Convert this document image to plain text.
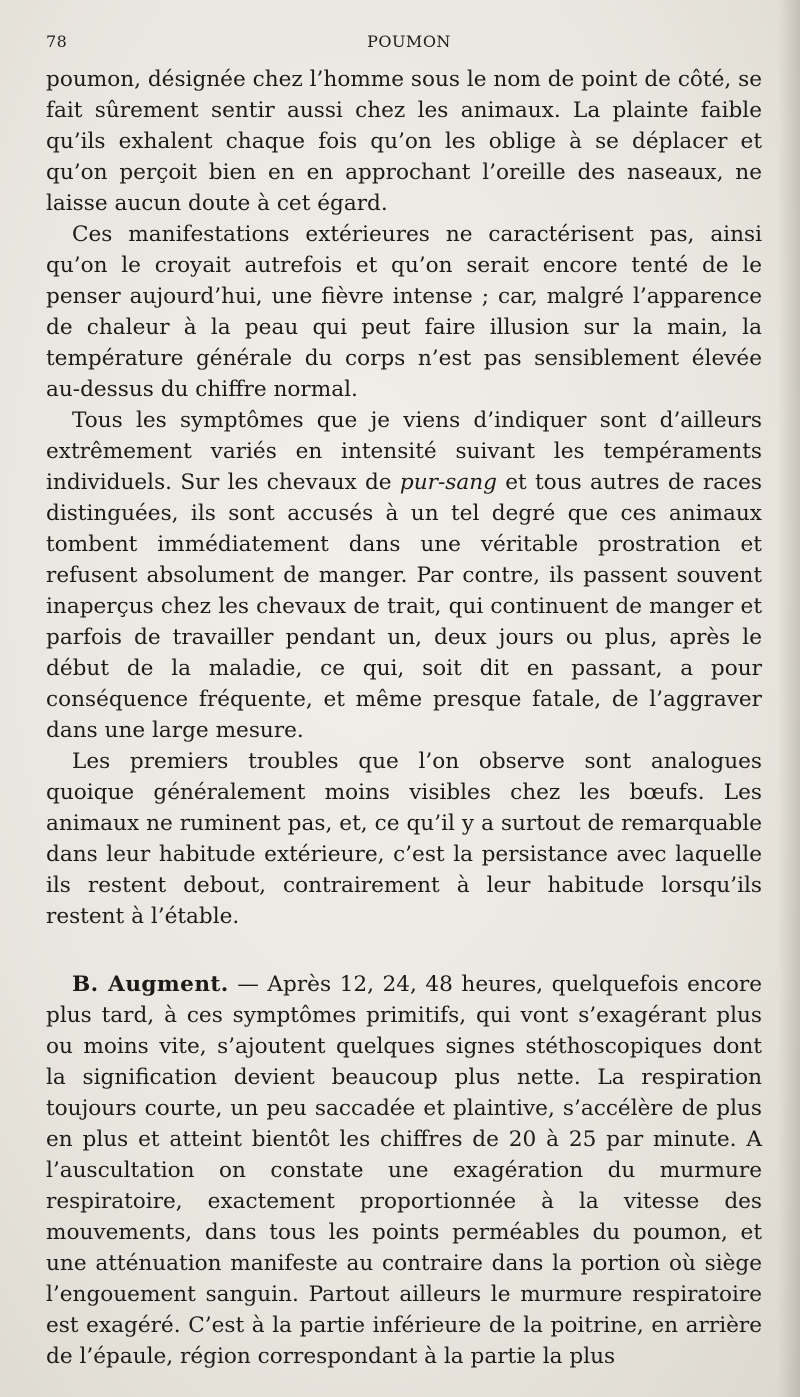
78	POUMON

poumon, désignée chez l’homme sous le nom de point de côté, se fait sûrement sentir aussi chez les animaux. La plainte faible qu’ils exhalent chaque fois qu’on les oblige à se déplacer et qu’on perçoit bien en en approchant l’oreille des naseaux, ne laisse aucun doute à cet égard.

Ces manifestations extérieures ne caractérisent pas, ainsi qu’on le croyait autrefois et qu’on serait encore tenté de le penser aujourd’hui, une fièvre intense ; car, malgré l’apparence de chaleur à la peau qui peut faire illusion sur la main, la température générale du corps n’est pas sensiblement élevée au-dessus du chiffre normal.

Tous les symptômes que je viens d’indiquer sont d’ailleurs extrêmement variés en intensité suivant les tempéraments individuels. Sur les chevaux de pur-sang et tous autres de races distinguées, ils sont accusés à un tel degré que ces animaux tombent immédiatement dans une véritable prostration et refusent absolument de manger. Par contre, ils passent souvent inaperçus chez les chevaux de trait, qui continuent de manger et parfois de travailler pendant un, deux jours ou plus, après le début de la maladie, ce qui, soit dit en passant, a pour conséquence fréquente, et même presque fatale, de l’aggraver dans une large mesure.

Les premiers troubles que l’on observe sont analogues quoique généralement moins visibles chez les bœufs. Les animaux ne ruminent pas, et, ce qu’il y a surtout de remarquable dans leur habitude extérieure, c’est la persistance avec laquelle ils restent debout, contrairement à leur habitude lorsqu’ils restent à l’étable.

B. Augment. — Après 12, 24, 48 heures, quelquefois encore plus tard, à ces symptômes primitifs, qui vont s’exagérant plus ou moins vite, s’ajoutent quelques signes stéthoscopiques dont la signification devient beaucoup plus nette. La respiration toujours courte, un peu saccadée et plaintive, s’accélère de plus en plus et atteint bientôt les chiffres de 20 à 25 par minute. A l’auscultation on constate une exagération du murmure respiratoire, exactement proportionnée à la vitesse des mouvements, dans tous les points perméables du poumon, et une atténuation manifeste au contraire dans la portion où siège l’engouement sanguin. Partout ailleurs le murmure respiratoire est exagéré. C’est à la partie inférieure de la poitrine, en arrière de l’épaule, région correspondant à la partie la plus
